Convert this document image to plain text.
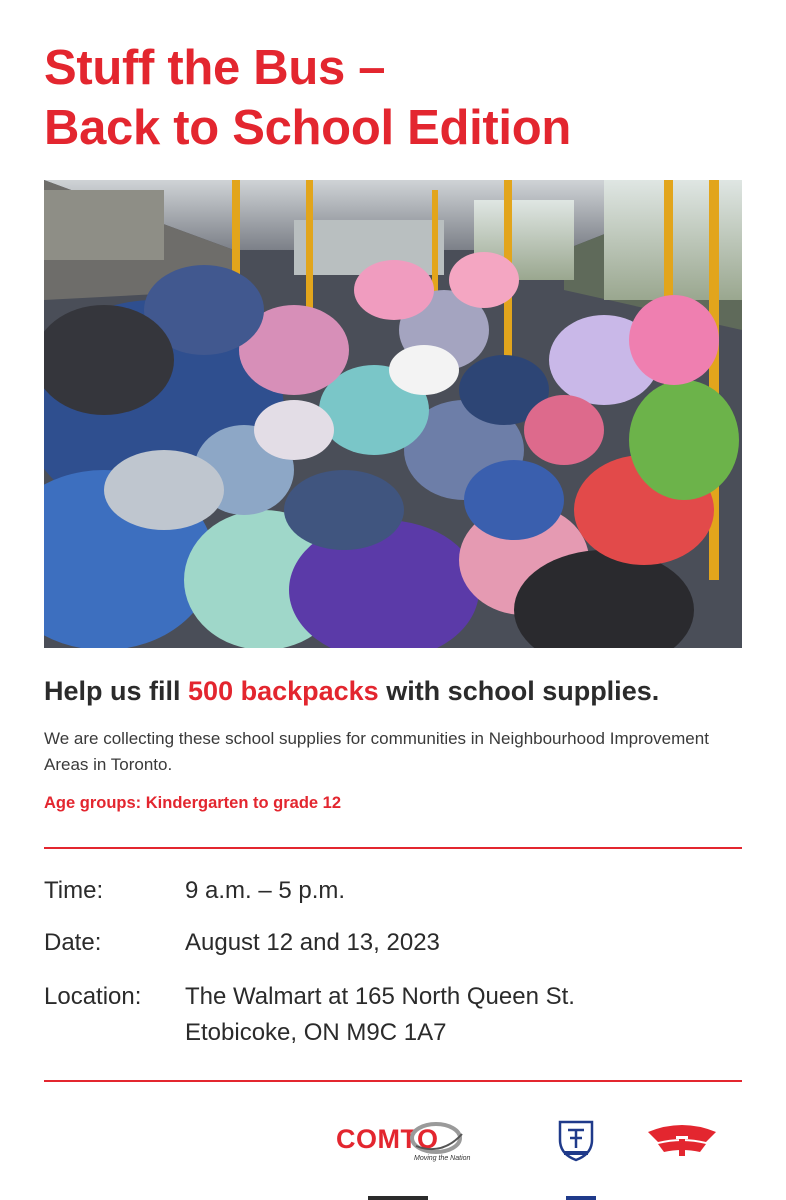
Stuff the Bus –
Back to School Edition

Help us fill 500 backpacks with school supplies.

We are collecting these school supplies for communities in Neighbourhood Improvement Areas in Toronto.

Age groups: Kindergarten to grade 12

Time:	9 a.m. – 5 p.m.
Date:	August 12 and 13, 2023
Location: The Walmart at 165 North Queen St.
Etobicoke, ON M9C 1A7
COMTO
Moving the Nation
